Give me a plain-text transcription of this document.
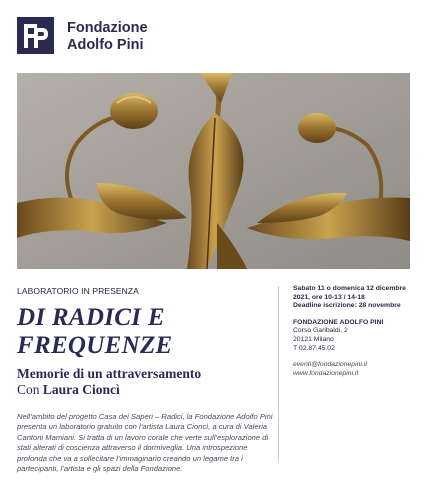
Fondazione
Adolfo Pini
LABORATORIO IN PRESENZA
DI RADICI E
FREQUENZE
Memorie di un attraversamento
Con Laura Cioncì
Nell’ambito del progetto Casa dei Saperi – Radici, la Fondazione Adolfo Pini presenta un laboratorio gratuito con l’artista Laura Cioncì, a cura di Valeria Cantoni Mamiani. Si tratta di un lavoro corale che verte sull’esplorazione di stati alterati di coscienza attraverso il dormiveglia. Una introspezione profonda che va a sollecitare l’immaginario creando un legame tra i partecipanti, l’artista e gli spazi della Fondazione.
Sabato 11 o domenica 12 dicembre
2021, ore 10-13 / 14-18
Deadline iscrizione: 28 novembre
FONDAZIONE ADOLFO PINI
Corso Garibaldi, 2
20121 Milano
T 02.87.45.02
eventi@fondazionepini.it
www.fondazionepini.it
